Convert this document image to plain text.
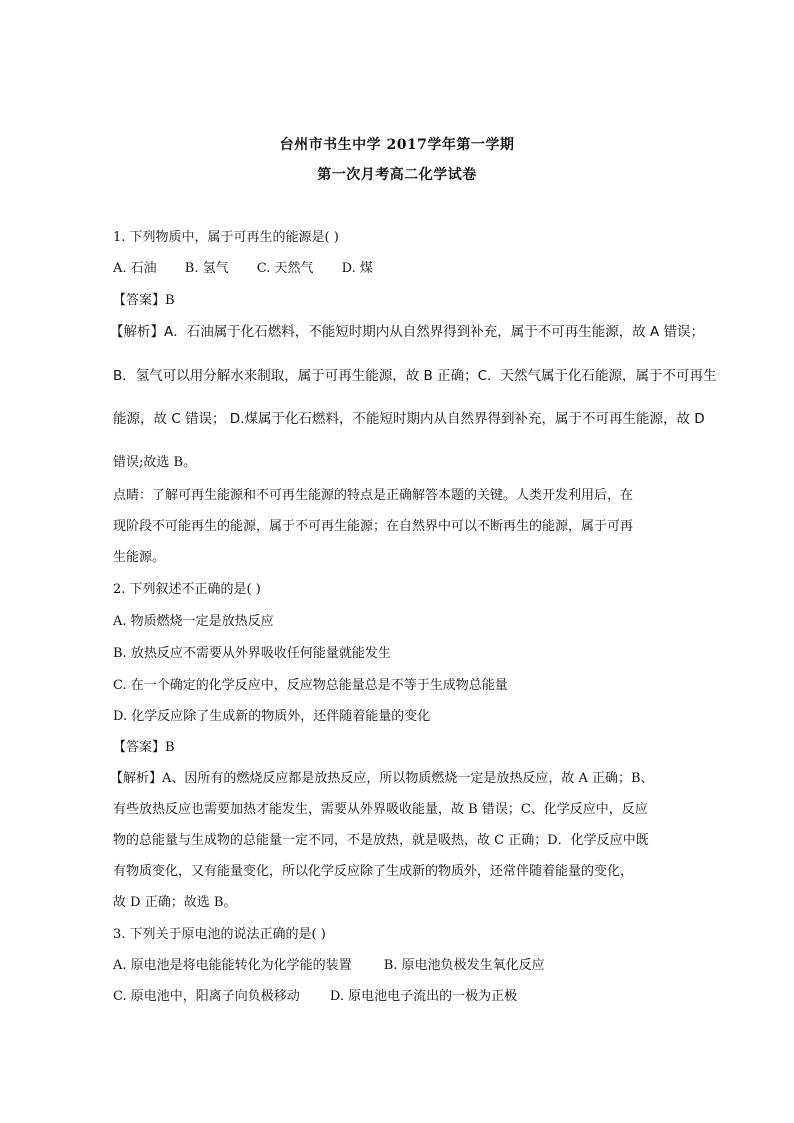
台州市书生中学 2017学年第一学期
第一次月考高二化学试卷
1. 下列物质中，属于可再生的能源是( )
A. 石油 B. 氢气 C. 天然气 D. 煤
【答案】B
【解析】A．石油属于化石燃料，不能短时期内从自然界得到补充，属于不可再生能源，故 A 错误；
B．氢气可以用分解水来制取，属于可再生能源，故 B 正确；C．天然气属于化石能源，属于不可再生
能源，故 C 错误； D.煤属于化石燃料，不能短时期内从自然界得到补充，属于不可再生能源，故 D
错误;故选 B。
点睛：了解可再生能源和不可再生能源的特点是正确解答本题的关键。人类开发利用后，在
现阶段不可能再生的能源，属于不可再生能源；在自然界中可以不断再生的能源，属于可再
生能源。
2. 下列叙述不正确的是( )
A. 物质燃烧一定是放热反应
B. 放热反应不需要从外界吸收任何能量就能发生
C. 在一个确定的化学反应中，反应物总能量总是不等于生成物总能量
D. 化学反应除了生成新的物质外，还伴随着能量的变化
【答案】B
【解析】A、因所有的燃烧反应都是放热反应，所以物质燃烧一定是放热反应，故 A 正确；B、
有些放热反应也需要加热才能发生，需要从外界吸收能量，故 B 错误；C、化学反应中，反应
物的总能量与生成物的总能量一定不同，不是放热，就是吸热，故 C 正确；D．化学反应中既
有物质变化，又有能量变化，所以化学反应除了生成新的物质外，还常伴随着能量的变化，
故 D 正确；故选 B。
3. 下列关于原电池的说法正确的是( )
A. 原电池是将电能能转化为化学能的装置 B. 原电池负极发生氧化反应
C. 原电池中，阳离子向负极移动 D. 原电池电子流出的一极为正极
